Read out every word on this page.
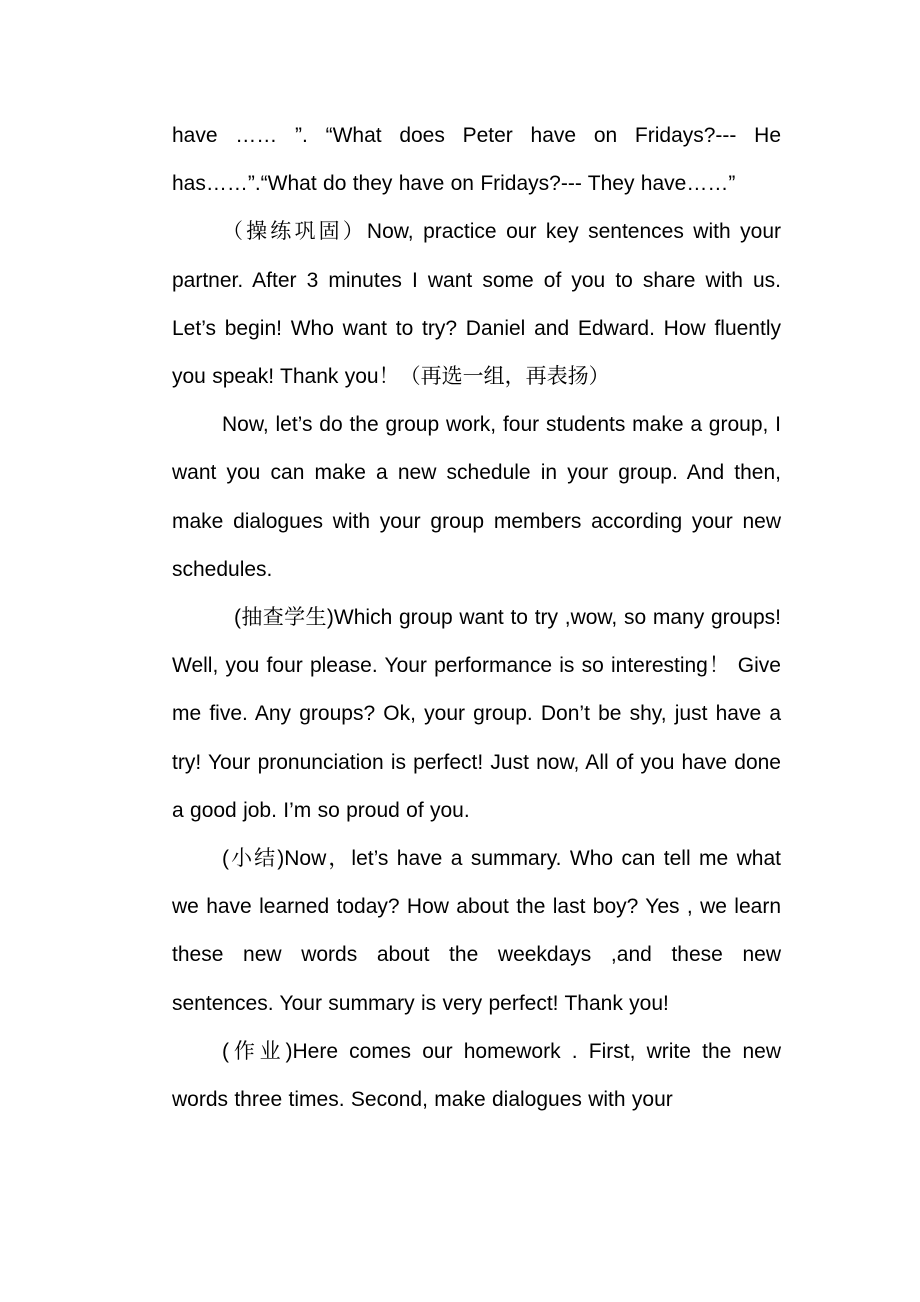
have …… ”. “What does Peter have on Fridays?--- He has……”.“What do they have on Fridays?--- They have……”

（操练巩固）Now, practice our key sentences with your partner. After 3 minutes I want some of you to share with us. Let’s begin! Who want to try? Daniel and Edward. How fluently you speak! Thank you！（再选一组，再表扬）

Now, let’s do the group work, four students make a group, I want you can make a new schedule in your group. And then, make dialogues with your group members according your new schedules.

(抽查学生)Which group want to try ,wow, so many groups! Well, you four please. Your performance is so interesting！ Give me five. Any groups? Ok, your group. Don’t be shy, just have a try! Your pronunciation is perfect! Just now, All of you have done a good job. I’m so proud of you.

(小结)Now，let’s have a summary. Who can tell me what we have learned today? How about the last boy? Yes , we learn these new words about the weekdays ,and these new sentences. Your summary is very perfect! Thank you!

(作业)Here comes our homework . First, write the new words three times. Second, make dialogues with your
